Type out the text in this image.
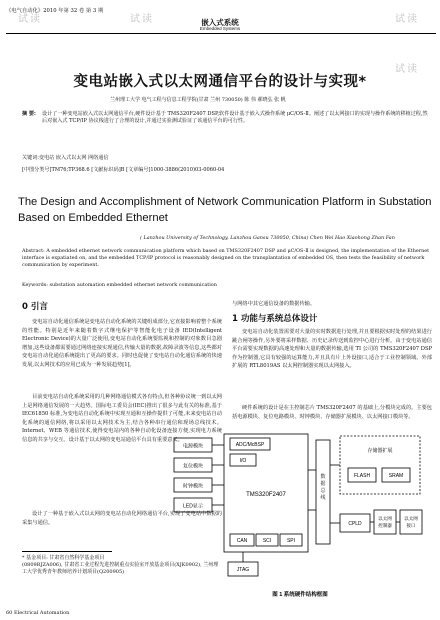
《电气自动化》2010 年第 32 卷 第 3 期
嵌入式系统
Embedded Systems
变电站嵌入式以太网通信平台的设计与实现*
兰州理工大学 电气工程与信息工程学院(甘肃 兰州 730050) 陈 伟 郝晓弘 张 帆
摘 要:	设计了一种变电站嵌入式以太网通信平台,硬件设计基于 TMS320F2407 DSP,软件设计基于嵌入式操作系统 μC/OS-Ⅱ。阐述了以太网接口的实现与操作系统的移植过程,然后对嵌入式 TCP/IP 协议栈进行了合理的设计,并通过实验测试验证了该通信平台的可行性。
关键词:变电站 嵌入式以太网 网络通信
[中图分类号]TM76;TP368.6 [文献标识码]B [文章编号]1000-3886(2010)03-0060-04
The Design and Accomplishment of Network Communication Platform in Substation Based on Embedded Ethernet
( Lanzhou University of Technology, Lanzhou Gansu 730050, China) Chen Wei Hao Xiaohong Zhan Fan
Abstract: A embedded ethernet network communication platform which based on TMS320F2407 DSP and μC/OS-Ⅱ is designed, the implementation of the Ethernet interface is expatiated on, and the embedded TCP/IP protocol is reasonably designed on the transplantation of embedded OS, then tests the feasibility of network communication by experiment.
Keywords: substation automation embedded ethernet network communication
0 引言
变电站自动化通信系统是变电站自动化系统的关键组成部分,它直接影响着整个系统的性能。特别是近年来随着数字式继电保护等智能化电子设备 IED(Intelligent Electronic Device)的大量广泛使用,变电站自动化系统要监视和控制的对象数目急剧增加,这些设备都需要通过网络连接实现通信,传输大量的数据,故障录波等信息,这些都对变电站自动化通信系统提出了更高的要求。同时也促使了变电站自动化通信系统的快速发展,以太网技术的应用已成为一种发展趋势[1]。
目前变电站自动化系统采用的几种网络通信模式各有特点,但各种协议统一到以太网上是网络通信发展的一大趋势。国际电工委员会(IEC)推出了很多与此有关的标准,基于 IEC61850 标准,为变电站自动化系统中实现互通和互操作提供了可能,未来变电站自动化系统的通信网络,将以采用以太网技术为主,结合各种串行通信和现场总线技术。Internet、WEB 等通信技术,使得变电站内的各种自动化设备连接方便,实现电力系统信息的共享与交互。设计基于以太网的变电站通信平台具有重要意义。
设计了一种基于嵌入式以太网的变电站自动化网络通信平台,实现了变电站中数据的采集与通信。
* 基金项目: 甘肃省自然科学基金项目
(0809RJZA006), 甘肃省工业过程先进控制重点实验室开放基金项目(XJK0902), 兰州理工大学优秀青年教师培养计划项目(Q200905)
与网络中其它通信设备的数据传输。
1 功能与系统总体设计
变电站自动化装置需要对大量的实时数据进行处理,并且要根据实时处理的结果进行跳合闸等操作,另外要将采样数据、历史记录传送到监控中心进行分析。由于变电站通信平台需要实现数据的高速处理和大量的数据传输,选用 TI 公司的 TMS320F2407 DSP 作为控制器,它具有较强的运算能力,并且具有片上外设接口,适合于工业控制领域。外部扩展的 RTL8019AS 以太网控制器实现以太网接入。
硬件系统的设计是在主控制芯片 TMS320F2407 的基础上,分模块完成的。主要包括电源模块、复位电路模块、时钟模块、存储器扩展模块、以太网接口模块等。
电源模块
复位模块
时钟模块
LED显示
ADC/McBSP
I/O
TMS320F2407
CAN	SCI	SPI
JTAG
存储器扩展
FLASH	SRAM
CPLD
数据总线
以太网控制器
以太网接口
图 1 系统硬件结构框图
60 Electrical Automation
试读	试读	试读
试读
